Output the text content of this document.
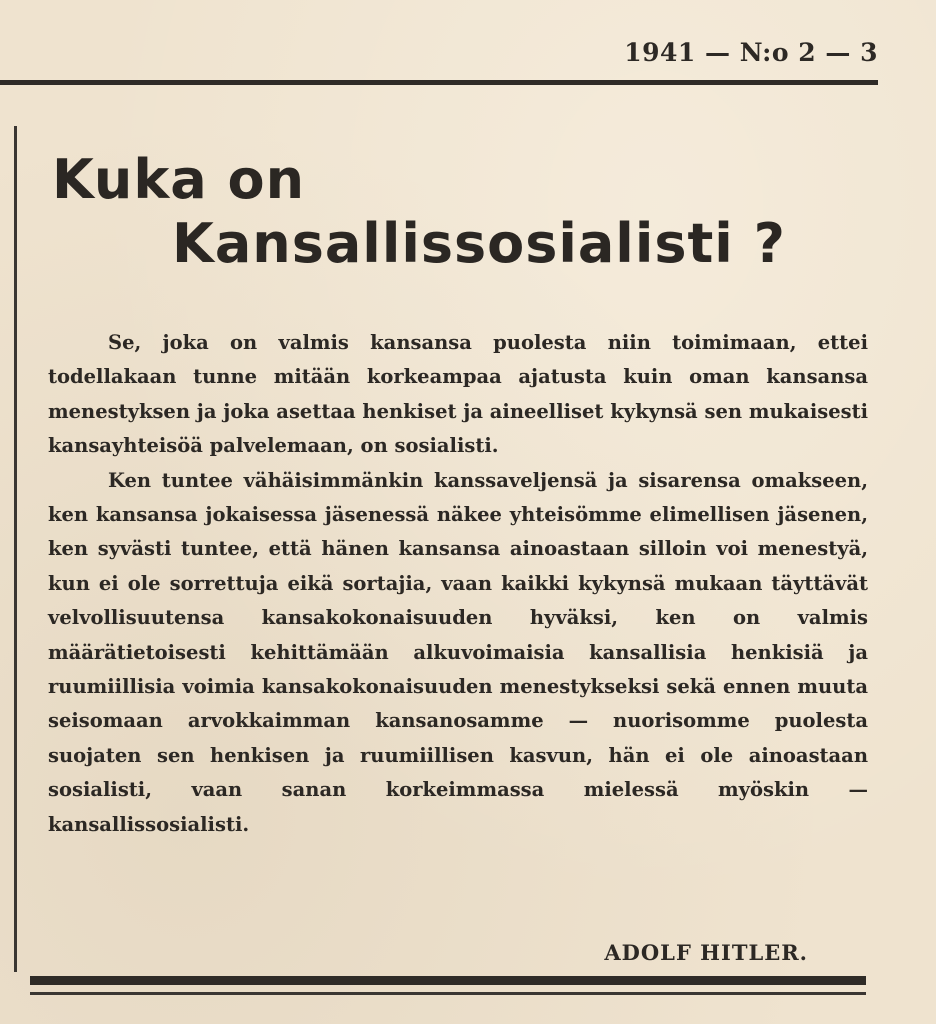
1941 — N:o 2 — 3
Kuka on
Kansallissosialisti ?

Se, joka on valmis kansansa puolesta niin toimimaan, ettei todellakaan tunne mitään korkeampaa ajatusta kuin oman kansansa menestyksen ja joka asettaa henkiset ja aineelliset kykynsä sen mukaisesti kansayhteisöä palvelemaan, on sosialisti.

Ken tuntee vähäisimmänkin kanssaveljensä ja sisarensa omakseen, ken kansansa jokaisessa jäsenessä näkee yhteisömme elimellisen jäsenen, ken syvästi tuntee, että hänen kansansa ainoastaan silloin voi menestyä, kun ei ole sorrettuja eikä sortajia, vaan kaikki kykynsä mukaan täyttävät velvollisuutensa kansakokonaisuuden hyväksi, ken on valmis määrätietoisesti kehittämään alkuvoimaisia kansallisia henkisiä ja ruumiillisia voimia kansakokonaisuuden menestykseksi sekä ennen muuta seisomaan arvokkaimman kansanosamme — nuorisomme puolesta suojaten sen henkisen ja ruumiillisen kasvun, hän ei ole ainoastaan sosialisti, vaan sanan korkeimmassa mielessä myöskin — kansallissosialisti.

ADOLF HITLER.
